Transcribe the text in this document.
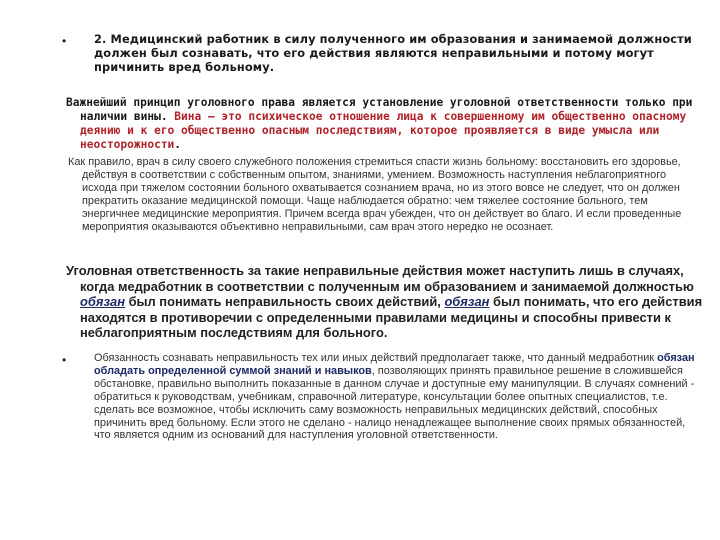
• 2. Медицинский работник в силу полученного им образования и занимаемой должности должен был сознавать, что его действия являются неправильными и потому могут причинить вред больному.
Важнейший принцип уголовного права является установление уголовной ответственности только при наличии вины. Вина – это психическое отношение лица к совершенному им общественно опасному деянию и к его общественно опасным последствиям, которое проявляется в виде умысла или неосторожности.
Как правило, врач в силу своего служебного положения стремиться спасти жизнь больному: восстановить его здоровье, действуя в соответствии с собственным опытом, знаниями, умением. Возможность наступления неблагоприятного исхода при тяжелом состоянии больного охватывается сознанием врача, но из этого вовсе не следует, что он должен прекратить оказание медицинской помощи. Чаще наблюдается обратно: чем тяжелее состояние больного, тем энергичнее медицинские мероприятия. Причем всегда врач убежден, что он действует во благо. И если проведенные мероприятия оказываются объективно неправильными, сам врач этого нередко не осознает.
Уголовная ответственность за такие неправильные действия может наступить лишь в случаях, когда медработник в соответствии с полученным им образованием и занимаемой должностью обязан был понимать неправильность своих действий, обязан был понимать, что его действия находятся в противоречии с определенными правилами медицины и способны привести к неблагоприятным последствиям для больного.
•	Обязанность сознавать неправильность тех или иных действий предполагает также, что данный медработник обязан обладать определенной суммой знаний и навыков, позволяющих принять правильное решение в сложившейся обстановке, правильно выполнить показанные в данном случае и доступные ему манипуляции. В случаях сомнений - обратиться к руководствам, учебникам, справочной литературе, консультации более опытных специалистов, т.е. сделать все возможное, чтобы исключить саму возможность неправильных медицинских действий, способных причинить вред больному. Если этого не сделано - налицо ненадлежащее выполнение своих прямых обязанностей, что является одним из оснований для наступления уголовной ответственности.
